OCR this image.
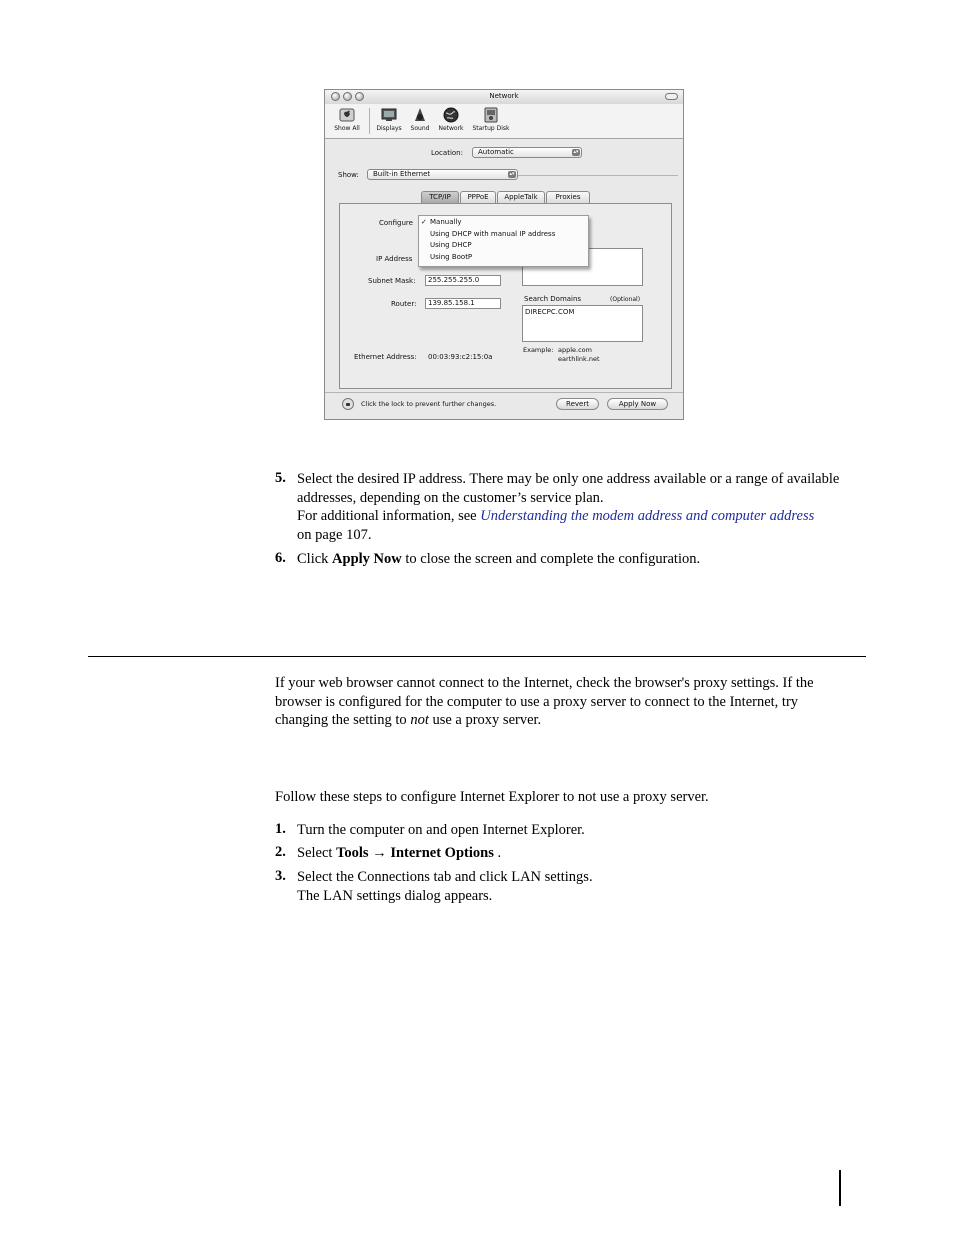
Network
Show All	Displays	Sound	Network	Startup Disk
Location:	Automatic	▴▾
Show:	Built-in Ethernet	▴▾
TCP/IP	PPPoE	AppleTalk	Proxies
Configure
IP Address
Subnet Mask:	255.255.255.0
Router:	139.85.158.1	Search Domains	(Optional)
DIRECPC.COM
Example: apple.com
earthlink.net
Ethernet Address: 00:03:93:c2:15:0a
✓ Manually
Using DHCP with manual IP address
Using DHCP
Using BootP
Click the lock to prevent further changes.	Revert	Apply Now
5. Select the desired IP address. There may be only one address available or a range of available
addresses, depending on the customer’s service plan.
For additional information, see Understanding the modem address and computer address
on page 107.
6. Click Apply Now to close the screen and complete the configuration.
If your web browser cannot connect to the Internet, check the browser's proxy settings. If the
browser is configured for the computer to use a proxy server to connect to the Internet, try
changing the setting to not use a proxy server.
Follow these steps to configure Internet Explorer to not use a proxy server.
1. Turn the computer on and open Internet Explorer.
2. Select Tools → Internet Options .
3. Select the Connections tab and click LAN settings.
The LAN settings dialog appears.
